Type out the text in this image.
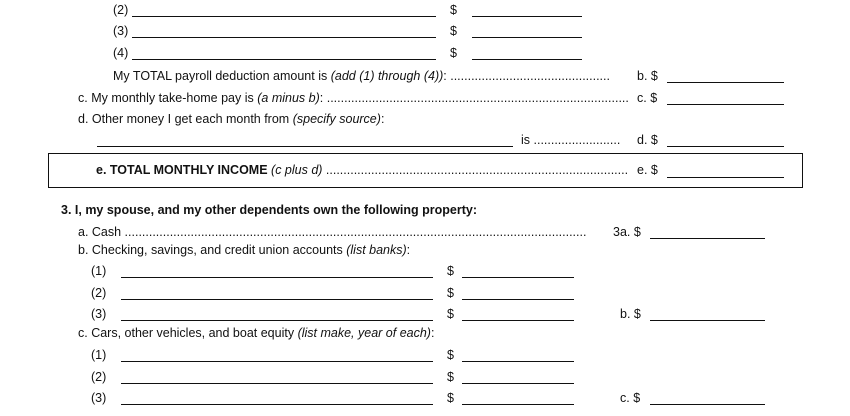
(2)	$
(3)	$
(4)	$
My TOTAL payroll deduction amount is (add (1) through (4)): .............................................. b. $
c. My monthly take-home pay is (a minus b): ....................................................................................... c. $
d. Other money I get each month from (specify source):
is ......................... d. $
e. TOTAL MONTHLY INCOME (c plus d) ....................................................................................... e. $
3. I, my spouse, and my other dependents own the following property:
a. Cash ..................................................................................................................................... 3a. $
b. Checking, savings, and credit union accounts (list banks):
(1)	$
(2)	$
(3)	$	b. $
c. Cars, other vehicles, and boat equity (list make, year of each):
(1)	$
(2)	$
(3)	$	c. $
